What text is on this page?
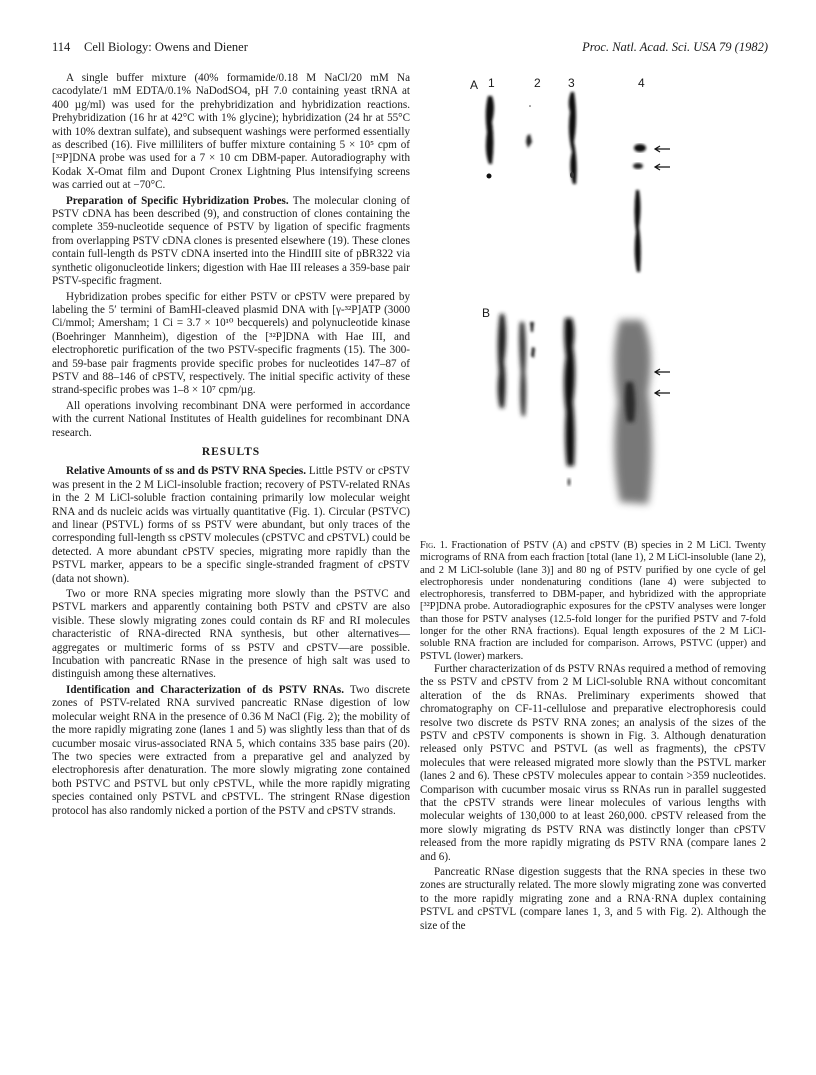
114 Cell Biology: Owens and Diener	Proc. Natl. Acad. Sci. USA 79 (1982)

A single buffer mixture (40% formamide/0.18 M NaCl/20 mM Na cacodylate/1 mM EDTA/0.1% NaDodSO4, pH 7.0 containing yeast tRNA at 400 µg/ml) was used for the prehybridization and hybridization reactions. Prehybridization (16 hr at 42°C with 1% glycine); hybridization (24 hr at 55°C with 10% dextran sulfate), and subsequent washings were performed essentially as described (16). Five milliliters of buffer mixture containing 5 × 10⁵ cpm of [³²P]DNA probe was used for a 7 × 10 cm DBM-paper. Autoradiography with Kodak X-Omat film and Dupont Cronex Lightning Plus intensifying screens was carried out at −70°C.

Preparation of Specific Hybridization Probes. The molecular cloning of PSTV cDNA has been described (9), and construction of clones containing the complete 359-nucleotide sequence of PSTV by ligation of specific fragments from overlapping PSTV cDNA clones is presented elsewhere (19). These clones contain full-length ds PSTV cDNA inserted into the HindIII site of pBR322 via synthetic oligonucleotide linkers; digestion with Hae III releases a 359-base pair PSTV-specific fragment.

Hybridization probes specific for either PSTV or cPSTV were prepared by labeling the 5′ termini of BamHI-cleaved plasmid DNA with [γ-³²P]ATP (3000 Ci/mmol; Amersham; 1 Ci = 3.7 × 10¹⁰ becquerels) and polynucleotide kinase (Boehringer Mannheim), digestion of the [³²P]DNA with Hae III, and electrophoretic purification of the two PSTV-specific fragments (15). The 300- and 59-base pair fragments provide specific probes for nucleotides 147–87 of PSTV and 88–146 of cPSTV, respectively. The initial specific activity of these strand-specific probes was 1–8 × 10⁷ cpm/µg.

All operations involving recombinant DNA were performed in accordance with the current National Institutes of Health guidelines for recombinant DNA research.

RESULTS

Relative Amounts of ss and ds PSTV RNA Species. Little PSTV or cPSTV was present in the 2 M LiCl-insoluble fraction; recovery of PSTV-related RNAs in the 2 M LiCl-soluble fraction containing primarily low molecular weight RNA and ds nucleic acids was virtually quantitative (Fig. 1). Circular (PSTVC) and linear (PSTVL) forms of ss PSTV were abundant, but only traces of the corresponding full-length ss cPSTV molecules (cPSTVC and cPSTVL) could be detected. A more abundant cPSTV species, migrating more rapidly than the PSTVL marker, appears to be a specific single-stranded fragment of cPSTV (data not shown).

Two or more RNA species migrating more slowly than the PSTVC and PSTVL markers and apparently containing both PSTV and cPSTV are also visible. These slowly migrating zones could contain ds RF and RI molecules characteristic of RNA-directed RNA synthesis, but other alternatives—aggregates or multimeric forms of ss PSTV and cPSTV—are possible. Incubation with pancreatic RNase in the presence of high salt was used to distinguish among these alternatives.

Identification and Characterization of ds PSTV RNAs. Two discrete zones of PSTV-related RNA survived pancreatic RNase digestion of low molecular weight RNA in the presence of 0.36 M NaCl (Fig. 2); the mobility of the more rapidly migrating zone (lanes 1 and 5) was slightly less than that of ds cucumber mosaic virus-associated RNA 5, which contains 335 base pairs (20). The two species were extracted from a preparative gel and analyzed by electrophoresis after denaturation. The more slowly migrating zone contained both PSTVC and PSTVL but only cPSTVL, while the more rapidly migrating species contained only PSTVL and cPSTVL. The stringent RNase digestion protocol has also randomly nicked a portion of the PSTV and cPSTV strands.

A 1	2 3	4
B

Fig. 1. Fractionation of PSTV (A) and cPSTV (B) species in 2 M LiCl. Twenty micrograms of RNA from each fraction [total (lane 1), 2 M LiCl-insoluble (lane 2), and 2 M LiCl-soluble (lane 3)] and 80 ng of PSTV purified by one cycle of gel electrophoresis under nondenaturing conditions (lane 4) were subjected to electrophoresis, transferred to DBM-paper, and hybridized with the appropriate [³²P]DNA probe. Autoradiographic exposures for the cPSTV analyses were longer than those for PSTV analyses (12.5-fold longer for the purified PSTV and 7-fold longer for the other RNA fractions). Equal length exposures of the 2 M LiCl-soluble RNA fraction are included for comparison. Arrows, PSTVC (upper) and PSTVL (lower) markers.

Further characterization of ds PSTV RNAs required a method of removing the ss PSTV and cPSTV from 2 M LiCl-soluble RNA without concomitant alteration of the ds RNAs. Preliminary experiments showed that chromatography on CF-11-cellulose and preparative electrophoresis could resolve two discrete ds PSTV RNA zones; an analysis of the sizes of the PSTV and cPSTV components is shown in Fig. 3. Although denaturation released only PSTVC and PSTVL (as well as fragments), the cPSTV molecules that were released migrated more slowly than the PSTVL marker (lanes 2 and 6). These cPSTV molecules appear to contain >359 nucleotides. Comparison with cucumber mosaic virus ss RNAs run in parallel suggested that the cPSTV strands were linear molecules of various lengths with molecular weights of 130,000 to at least 260,000. cPSTV released from the more slowly migrating ds PSTV RNA was distinctly longer than cPSTV released from the more rapidly migrating ds PSTV RNA (compare lanes 2 and 6).

Pancreatic RNase digestion suggests that the RNA species in these two zones are structurally related. The more slowly migrating zone was converted to the more rapidly migrating zone and a RNA·RNA duplex containing PSTVL and cPSTVL (compare lanes 1, 3, and 5 with Fig. 2). Although the size of the
